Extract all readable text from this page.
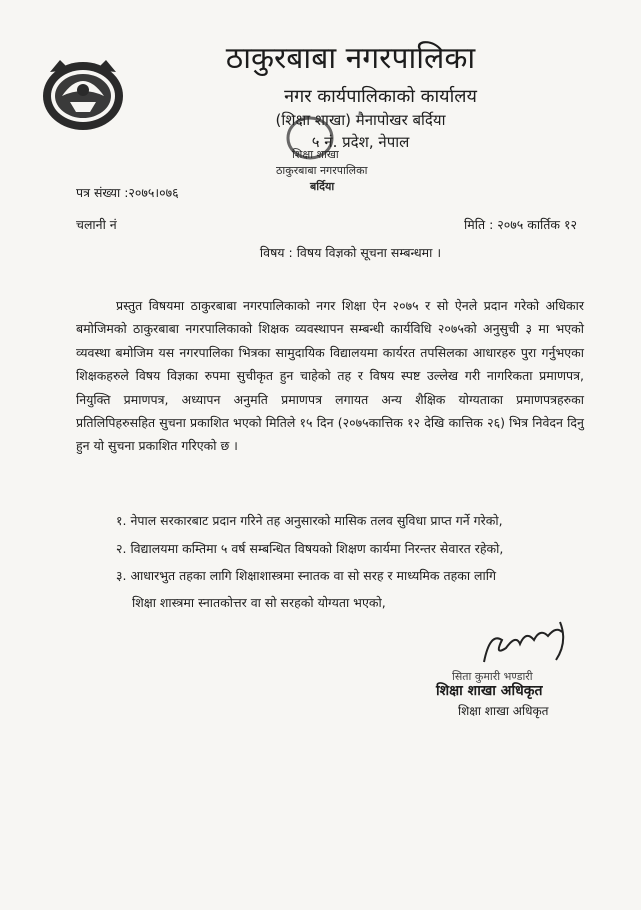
ठाकुरबाबा नगरपालिका
नगर कार्यपालिकाको कार्यालय
(शिक्षा शाखा) मैनापोखर बर्दिया
५ नं. प्रदेश, नेपाल
शिक्षा शाखा
ठाकुरबाबा नगरपालिका
बर्दिया
पत्र संख्या :२०७५।०७६
चलानी नं	मिति : २०७५ कार्तिक १२
विषय : विषय विज्ञको सूचना सम्बन्धमा ।

प्रस्तुत विषयमा ठाकुरबाबा नगरपालिकाको नगर शिक्षा ऐन २०७५ र सो ऐनले प्रदान गरेको अधिकार बमोजिमको ठाकुरबाबा नगरपालिकाको शिक्षक व्यवस्थापन सम्बन्धी कार्यविधि २०७५को अनुसुची ३ मा भएको व्यवस्था बमोजिम यस नगरपालिका भित्रका सामुदायिक विद्यालयमा कार्यरत तपसिलका आधारहरु पुरा गर्नुभएका शिक्षकहरुले विषय विज्ञका रुपमा सुचीकृत हुन चाहेको तह र विषय स्पष्ट उल्लेख गरी नागरिकता प्रमाणपत्र, नियुक्ति प्रमाणपत्र, अध्यापन अनुमति प्रमाणपत्र लगायत अन्य शैक्षिक योग्यताका प्रमाणपत्रहरुका प्रतिलिपिहरुसहित सुचना प्रकाशित भएको मितिले १५ दिन (२०७५कात्तिक १२ देखि कात्तिक २६) भित्र निवेदन दिनु हुन यो सुचना प्रकाशित गरिएको छ ।

१. नेपाल सरकारबाट प्रदान गरिने तह अनुसारको मासिक तलव सुविधा प्राप्त गर्ने गरेको,
२. विद्यालयमा कम्तिमा ५ वर्ष सम्बन्धित विषयको शिक्षण कार्यमा निरन्तर सेवारत रहेको,
३. आधारभुत तहका लागि शिक्षाशास्त्रमा स्नातक वा सो सरह र माध्यमिक तहका लागि
शिक्षा शास्त्रमा स्नातकोत्तर वा सो सरहको योग्यता भएको,
सिता कुमारी भण्डारी
शिक्षा शाखा अधिकृत
शिक्षा शाखा अधिकृत
